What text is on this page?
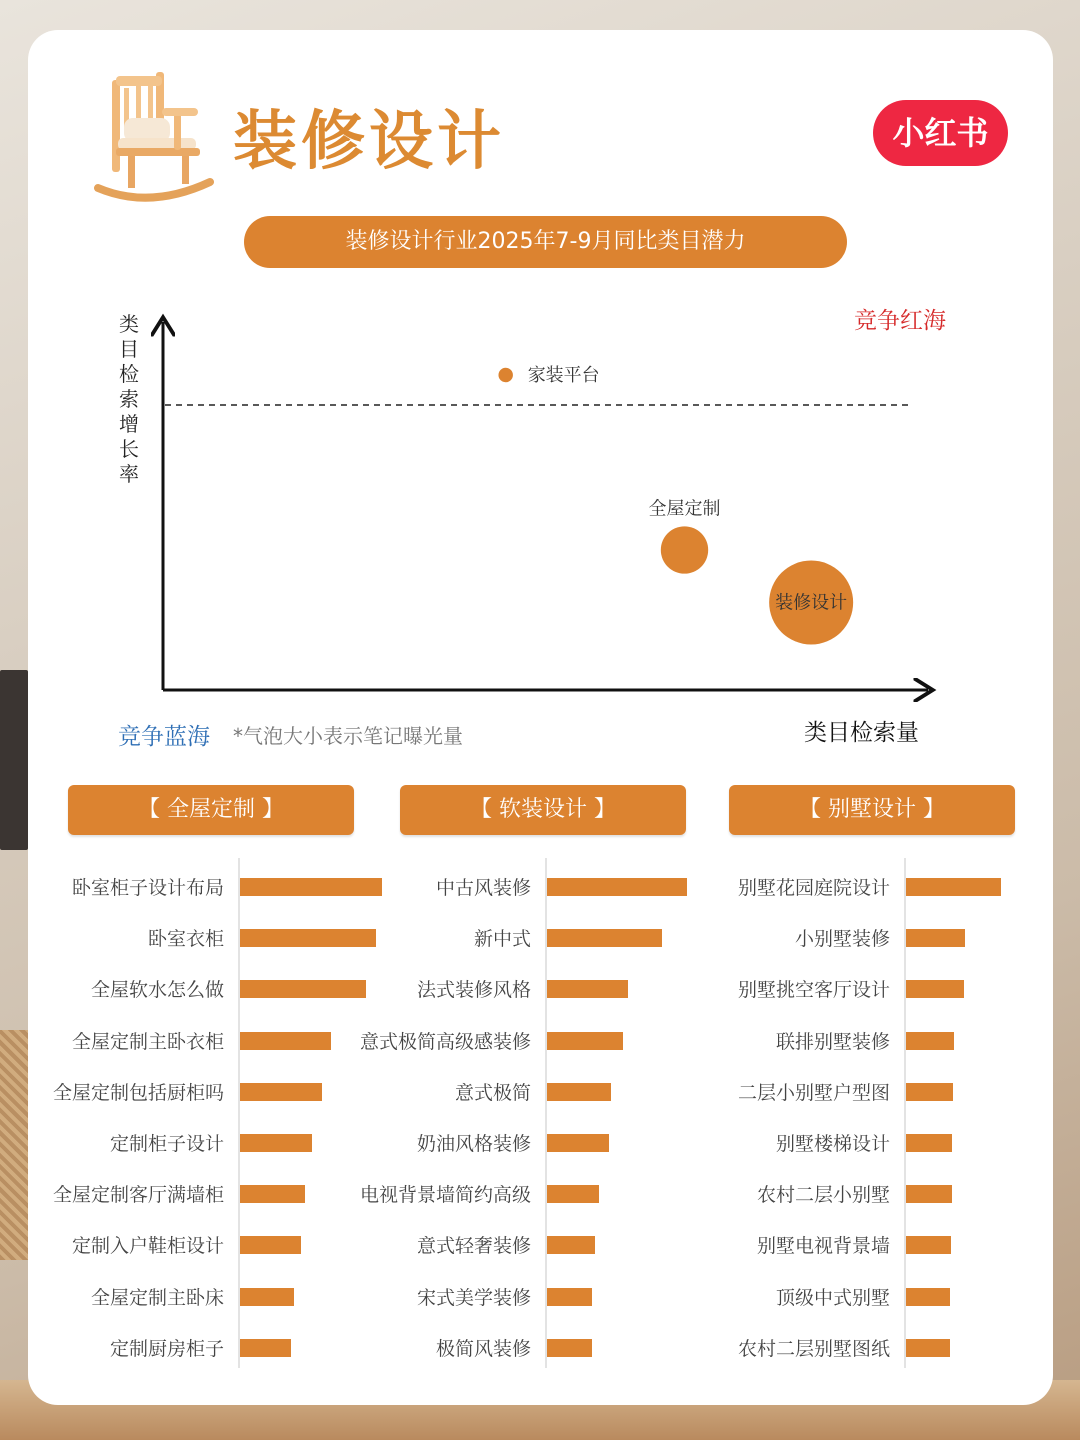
装修设计	小红书
装修设计行业2025年7-9月同比类目潜力
家装平台
全屋定制
装修设计
竞争红海
竞争蓝海 *气泡大小表示笔记曝光量	类目检索量
类
目
检
索
增
长
率
【 全屋定制 】
卧室柜子设计布局
卧室衣柜
全屋软水怎么做
全屋定制主卧衣柜
全屋定制包括厨柜吗
定制柜子设计
全屋定制客厅满墙柜
定制入户鞋柜设计
全屋定制主卧床
定制厨房柜子
【 软装设计 】
中古风装修
新中式
法式装修风格
意式极简高级感装修
意式极简
奶油风格装修
电视背景墙简约高级
意式轻奢装修
宋式美学装修
极简风装修
【 别墅设计 】
别墅花园庭院设计
小别墅装修
别墅挑空客厅设计
联排别墅装修
二层小别墅户型图
别墅楼梯设计
农村二层小别墅
别墅电视背景墙
顶级中式别墅
农村二层别墅图纸
